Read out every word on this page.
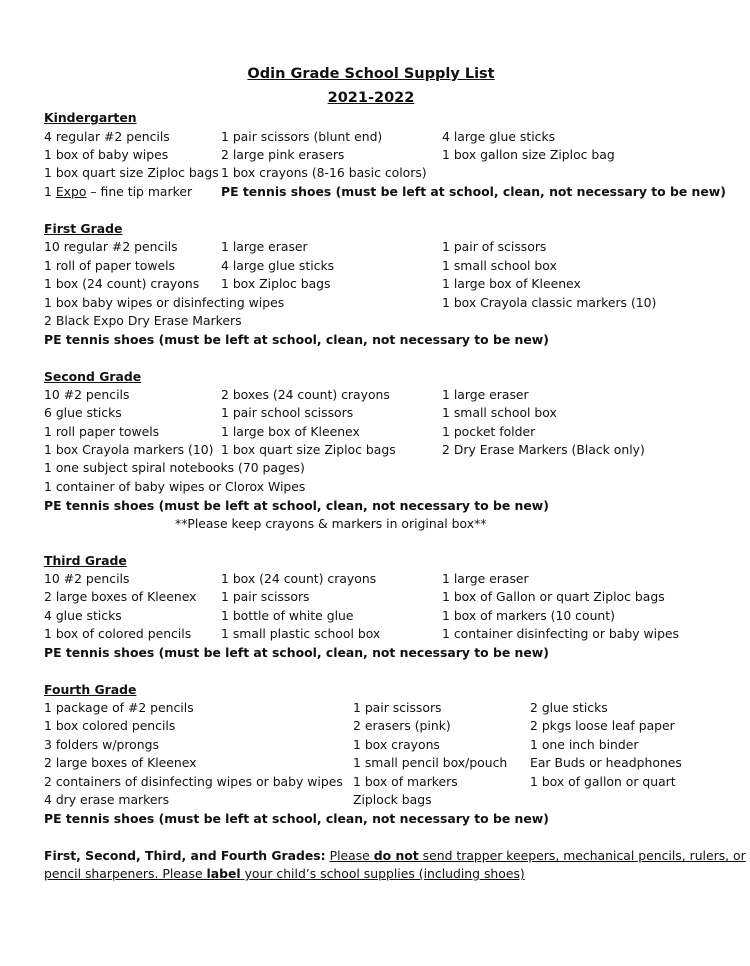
Odin Grade School Supply List
2021-2022
Kindergarten
4 regular #2 pencils
1 box of baby wipes
1 box quart size Ziploc bags
1 Expo – fine tip marker
1 pair scissors (blunt end)
2 large pink erasers
1 box crayons (8-16 basic colors)
PE tennis shoes (must be left at school, clean, not necessary to be new)
4 large glue sticks
1 box gallon size Ziploc bag
First Grade
10 regular #2 pencils
1 roll of paper towels
1 box (24 count) crayons
1 box baby wipes or disinfecting wipes
2 Black Expo Dry Erase Markers
1 large eraser
4 large glue sticks
1 box Ziploc bags
1 pair of scissors
1 small school box
1 large box of Kleenex
1 box Crayola classic markers (10)
PE tennis shoes (must be left at school, clean, not necessary to be new)
Second Grade
10 #2 pencils
6 glue sticks
1 roll paper towels
1 box Crayola markers (10)
1 one subject spiral notebooks (70 pages)
1 container of baby wipes or Clorox Wipes
2 boxes (24 count) crayons
1 pair school scissors
1 large box of Kleenex
1 box quart size Ziploc bags
1 large eraser
1 small school box
1 pocket folder
2 Dry Erase Markers (Black only)
PE tennis shoes (must be left at school, clean, not necessary to be new)
**Please keep crayons & markers in original box**
Third Grade
10 #2 pencils
2 large boxes of Kleenex
4 glue sticks
1 box of colored pencils
1 box (24 count) crayons
1 pair scissors
1 bottle of white glue
1 small plastic school box
1 large eraser
1 box of Gallon or quart Ziploc bags
1 box of markers (10 count)
1 container disinfecting or baby wipes
PE tennis shoes (must be left at school, clean, not necessary to be new)
Fourth Grade
1 package of #2 pencils
1 box colored pencils
3 folders w/prongs
2 large boxes of Kleenex
2 containers of disinfecting wipes or baby wipes
4 dry erase markers
1 pair scissors
2 erasers (pink)
1 box crayons
1 small pencil box/pouch
1 box of markers
Ziplock bags
2 glue sticks
2 pkgs loose leaf paper
1 one inch binder
Ear Buds or headphones
1 box of gallon or quart
PE tennis shoes (must be left at school, clean, not necessary to be new)
First, Second, Third, and Fourth Grades: Please do not send trapper keepers, mechanical pencils, rulers, or
pencil sharpeners. Please label your child’s school supplies (including shoes)
